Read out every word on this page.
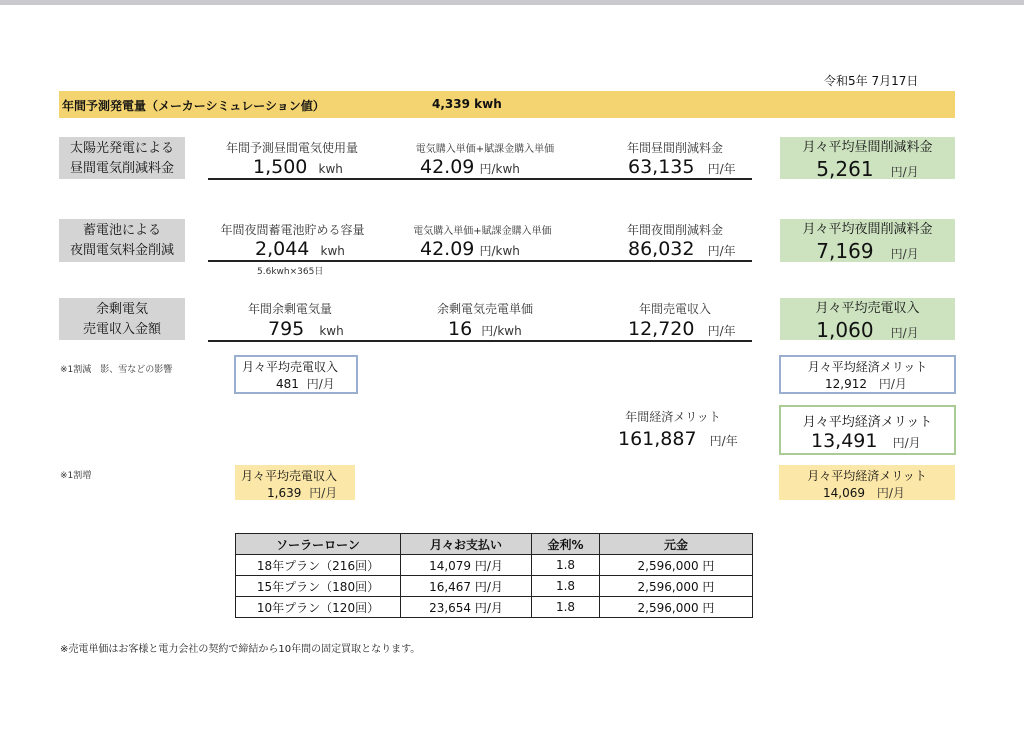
令和5年 7月17日
年間予測発電量（メーカーシミュレーション値）	4,339 kwh
太陽光発電による
昼間電気削減料金
年間予測昼間電気使用量
1,500 kwh
電気購入単価+賦課金購入単価
42.09 円/kwh
年間昼間削減料金
63,135 円/年
月々平均昼間削減料金
5,261 円/月
蓄電池による
夜間電気料金削減
年間夜間蓄電池貯める容量
2,044 kwh
5.6kwh×365日
電気購入単価+賦課金購入単価
42.09 円/kwh
年間夜間削減料金
86,032 円/年
月々平均夜間削減料金
7,169 円/月
余剰電気
売電収入金額
年間余剰電気量
795 kwh
余剰電気売電単価
16 円/kwh
年間売電収入
12,720 円/年
月々平均売電収入
1,060 円/月
※1割減　影、雪などの影響	月々平均売電収入
481 円/月
月々平均経済メリット
12,912 円/月
年間経済メリット
161,887 円/年
月々平均経済メリット
13,491 円/月
※1割増	月々平均売電収入
1,639 円/月
月々平均経済メリット
14,069 円/月
ソーラーローン	月々お支払い	金利%	元金
18年プラン（216回）	14,079 円/月	1.8	2,596,000 円
15年プラン（180回）	16,467 円/月	1.8	2,596,000 円
10年プラン（120回）	23,654 円/月	1.8	2,596,000 円
※売電単価はお客様と電力会社の契約で締結から10年間の固定買取となります。
